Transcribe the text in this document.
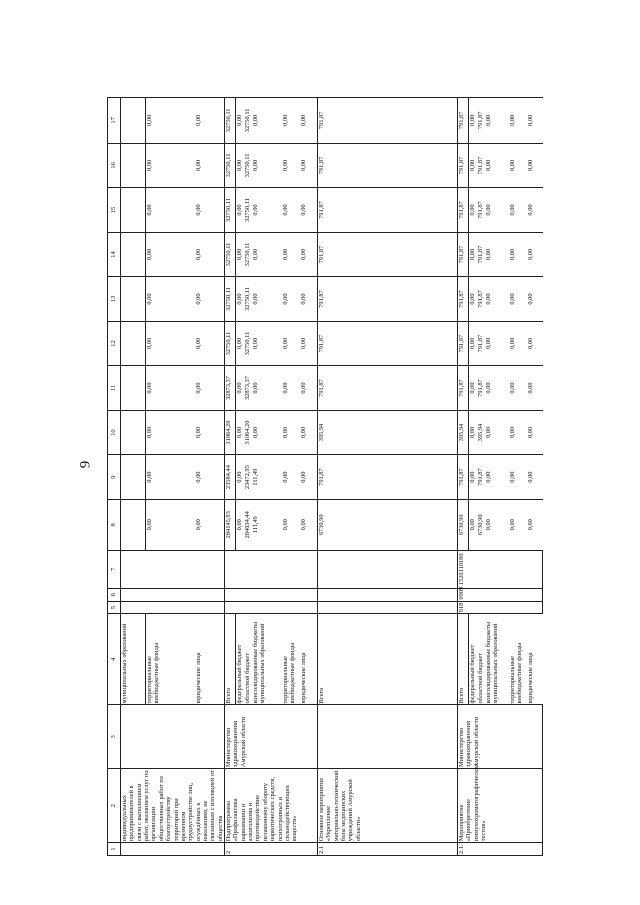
9
1	2	3	4	5	6	7	8	9	10	11	12	13	14	15	16	17
	индивидуальных предпринимателей в связи с выполнением работ, оказанием услуг по организации общественных работ по благоустройству территорий при временном трудоустройстве лиц, осуждённых к наказаниям, не связанным с изоляцией от общества		муниципальных образований													
			территориальные внебюджетные фонды				0,00	0,00	0,00	0,00	0,00	0,00	0,00	0,00	0,00	0,00
			юридические лица				0,00	0,00	0,00	0,00	0,00	0,00	0,00	0,00	0,00	0,00
2	Подпрограмма «Профилактика наркомании и алкоголизма и противодействие незаконному обороту наркотических средств, психотропных и сильнодействующих веществ»	Министерство здравоохранения Амурской области	Всего				284145,93	23584,44	31064,20	32873,37	32750,11	32750,11	32750,11	32750,11	32750,11	32750,11
			федеральный бюджет				0,00	0,00	0,00	0,00	0,00	0,00	0,00	0,00	0,00	0,00
			областной бюджет				284034,44	23472,95	31064,20	32873,37	32750,11	32750,11	32750,11	32750,11	32750,11	32750,11
			консолидированные бюджеты муниципальных образований				111,49	111,49	0,00	0,00	0,00	0,00	0,00	0,00	0,00	0,00
			территориальные внебюджетные фонды				0,00	0,00	0,00	0,00	0,00	0,00	0,00	0,00	0,00	0,00
			юридические лица				0,00	0,00	0,00	0,00	0,00	0,00	0,00	0,00	0,00	0,00
2.1	Основное мероприятие «Укрепление материально-технической базы медицинских учреждений Амурской области»		Всего				6730,90	791,87	395,94	791,87	791,87	791,87	791,87	791,87	791,87	791,87
2.1.1	Мероприятие «Приобретение иммунохроматографических тестов»	Министерство здравоохранения Амурской области	Всего	918	0909	1520110180	6730,90	791,87	395,94	791,87	791,87	791,87	791,87	791,87	791,87	791,87
			федеральный бюджет				0,00	0,00	0,00	0,00	0,00	0,00	0,00	0,00	0,00	0,00
			областной бюджет				6730,90	791,87	395,94	791,87	791,87	791,87	791,87	791,87	791,87	791,87
			консолидированные бюджеты муниципальных образований				0,00	0,00	0,00	0,00	0,00	0,00	0,00	0,00	0,00	0,00
			территориальные внебюджетные фонды				0,00	0,00	0,00	0,00	0,00	0,00	0,00	0,00	0,00	0,00
			юридические лица				0,00	0,00	0,00	0,00	0,00	0,00	0,00	0,00	0,00	0,00
